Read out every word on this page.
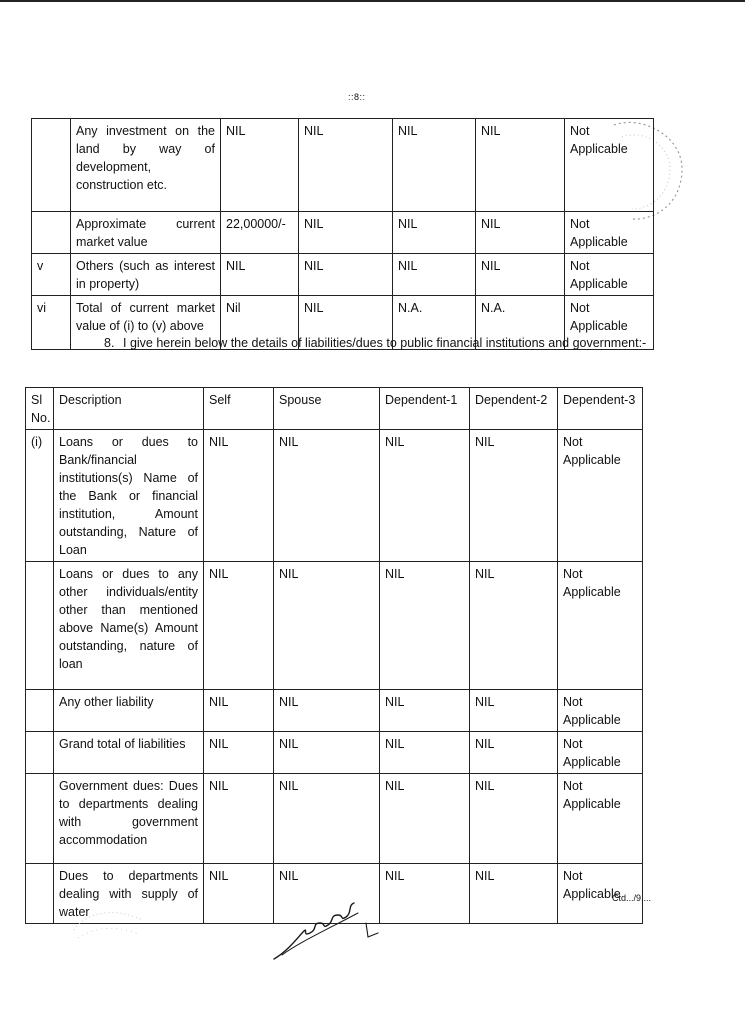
::8::
	Any investment on the land by way of development, construction etc.	NIL	NIL	NIL	NIL	Not Applicable
	Approximate current market value	22,00000/-	NIL	NIL	NIL	Not Applicable
v	Others (such as interest in property)	NIL	NIL	NIL	NIL	Not Applicable
vi	Total of current market value of (i) to (v) above	Nil	NIL	N.A.	N.A.	Not Applicable
8. I give herein below the details of liabilities/dues to public financial institutions and government:-
Sl No.	Description	Self	Spouse	Dependent-1	Dependent-2	Dependent-3
(i)	Loans or dues to Bank/financial institutions(s) Name of the Bank or financial institution, Amount outstanding, Nature of Loan	NIL	NIL	NIL	NIL	Not Applicable
	Loans or dues to any other individuals/entity other than mentioned above Name(s) Amount outstanding, nature of loan	NIL	NIL	NIL	NIL	Not Applicable
	Any other liability	NIL	NIL	NIL	NIL	Not Applicable
	Grand total of liabilities	NIL	NIL	NIL	NIL	Not Applicable
	Government dues: Dues to departments dealing with government accommodation	NIL	NIL	NIL	NIL	Not Applicable
	Dues to departments dealing with supply of water	NIL	NIL	NIL	NIL	Not Applicable
Ctd.../9....
